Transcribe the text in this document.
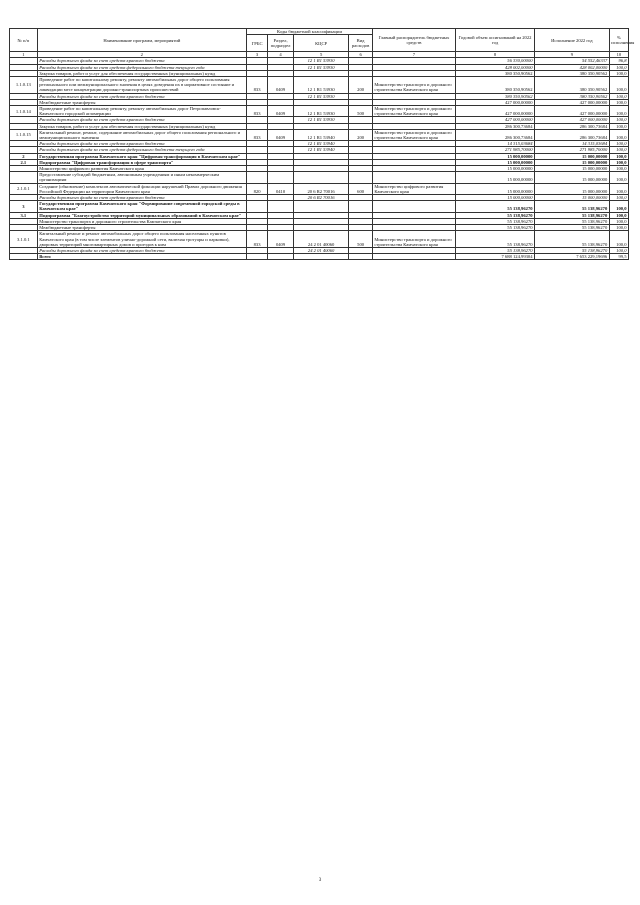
№ п/п	Наименование программ, мероприятий	Коды бюджетной классификации				Главный распорядитель бюджетных средств	Годовой объем ассигнований на 2022 год	Исполнение 2022 год	% исполнения
		ГРБС	Раздел, подраздел	КЦСР	Вид расходов				
1	2	3	4	5	6	7	8	9	10
	Расходы дорожного фонда за счет средств краевого бюджета			12 1 R1 53930			56 330,00000	54 552,46337	96,8
	Расходы дорожного фонда за счет средств федерального бюджета текущего года			12 1 R1 53930			428 002,00000	428 002,00000	100,0
	Закупка товаров, работ и услуг для обеспечения государственных (муниципальных) нужд						380 350,90562	380 350,90562	100,0
1.1.0.13	Проведение работ по капитальному ремонту, ремонту автомобильных дорог общего пользования регионального или межмуниципального значения в целях доведения их в нормативное состояние и ликвидации мест концентрации дорожно-транспортных происшествий	833	0409	12 1 R1 53930	200	Министерство транспорта и дорожного строительства Камчатского края	380 350,90562	380 350,90562	100,0
	Расходы дорожного фонда за счет средств краевого бюджета			12 1 R1 53930			380 350,90562	380 350,90562	100,0
	Межбюджетные трансферты						427 000,00000	427 000,00000	100,0
1.1.0.14	Проведение работ по капитальному ремонту, ремонту автомобильных дорог Петропавловск-Камчатского городской агломерации	833	0409	12 1 R1 53930	500	Министерство транспорта и дорожного строительства Камчатского края	427 000,00000	427 000,00000	100,0
	Расходы дорожного фонда за счет средств краевого бюджета			12 1 R1 53930			427 000,00000	427 000,00000	100,0
	Закупка товаров, работ и услуг для обеспечения государственных (муниципальных) нужд						286 300,73684	286 300,73684	100,0
1.1.0.15	Капитальный ремонт, ремонт, содержание автомобильных дорог общего пользования регионального и межмуниципального значения	833	0409	12 1 R1 53940	200	Министерство транспорта и дорожного строительства Камчатского края	286 300,73684	286 300,73684	100,0
	Расходы дорожного фонда за счет средств краевого бюджета			12 1 R1 53940			14 315,03684	14 315,03684	100,0
	Расходы дорожного фонда за счет средств федерального бюджета текущего года			12 1 R1 53940			271 985,70000	271 985,70000	100,0
2	Государственная программа Камчатского края "Цифровая трансформация в Камчатском крае"						15 000,00000	15 000,00000	100,0
2.1	Подпрограмма "Цифровая трансформация в сфере транспорта"						15 000,00000	15 000,00000	100,0
	Министерство цифрового развития Камчатского края						15 000,00000	15 000,00000	100,0
	Предоставление субсидий бюджетным, автономным учреждениям и иным некоммерческим организациям						15 000,00000	15 000,00000	100,0
2.1.0.1	Создание (обновление) комплексов автоматической фиксации нарушений Правил дорожного движения Российской Федерации на территории Камчатского края	820	0410	20 6 R2 70016	600	Министерство цифрового развития Камчатского края	15 000,00000	15 000,00000	100,0
	Расходы дорожного фонда за счет средств краевого бюджета			20 6 R2 70016			15 000,00000	15 000,00000	100,0
3	Государственная программа Камчатского края "Формирование современной городской среды в Камчатском крае"						55 138,96270	55 138,96270	100,0
3.1	Подпрограмма "Благоустройство территорий муниципальных образований в Камчатском крае"						55 138,96270	55 138,96270	100,0
	Министерство транспорта и дорожного строительства Камчатского края						55 138,96270	55 138,96270	100,0
	Межбюджетные трансферты						55 138,96270	55 138,96270	100,0
3.1.0.1	Капитальный ремонт и ремонт автомобильных дорог общего пользования населенных пунктов Камчатского края (в том числе элементов улично-дорожной сети, включая тротуары и парковки), дворовых территорий многоквартирных домов и проездов к ним	833	0409	24 2 01 40060	500	Министерство транспорта и дорожного строительства Камчатского края	55 138,96270	55 138,96270	100,0
	Расходы дорожного фонда за счет средств краевого бюджета			24 2 01 40060			55 138,96270	55 138,96270	100,0
	Всего						7 688 124,99304	7 653 229,19696	99,5
3
